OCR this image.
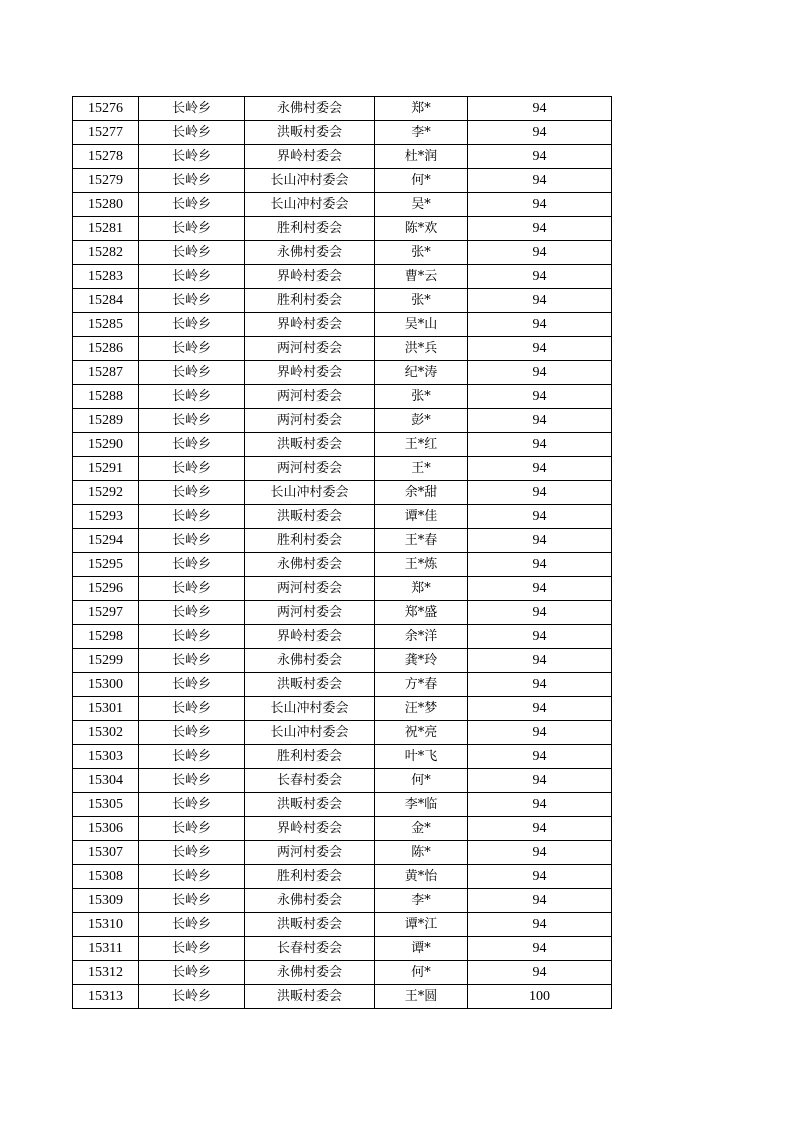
15276	长岭乡	永佛村委会	郑*	94
15277	长岭乡	洪畈村委会	李*	94
15278	长岭乡	界岭村委会	杜*润	94
15279	长岭乡	长山冲村委会	何*	94
15280	长岭乡	长山冲村委会	吴*	94
15281	长岭乡	胜利村委会	陈*欢	94
15282	长岭乡	永佛村委会	张*	94
15283	长岭乡	界岭村委会	曹*云	94
15284	长岭乡	胜利村委会	张*	94
15285	长岭乡	界岭村委会	吴*山	94
15286	长岭乡	两河村委会	洪*兵	94
15287	长岭乡	界岭村委会	纪*涛	94
15288	长岭乡	两河村委会	张*	94
15289	长岭乡	两河村委会	彭*	94
15290	长岭乡	洪畈村委会	王*红	94
15291	长岭乡	两河村委会	王*	94
15292	长岭乡	长山冲村委会	余*甜	94
15293	长岭乡	洪畈村委会	谭*佳	94
15294	长岭乡	胜利村委会	王*春	94
15295	长岭乡	永佛村委会	王*炼	94
15296	长岭乡	两河村委会	郑*	94
15297	长岭乡	两河村委会	郑*盛	94
15298	长岭乡	界岭村委会	余*洋	94
15299	长岭乡	永佛村委会	龚*玲	94
15300	长岭乡	洪畈村委会	方*春	94
15301	长岭乡	长山冲村委会	汪*梦	94
15302	长岭乡	长山冲村委会	祝*亮	94
15303	长岭乡	胜利村委会	叶*飞	94
15304	长岭乡	长春村委会	何*	94
15305	长岭乡	洪畈村委会	李*临	94
15306	长岭乡	界岭村委会	金*	94
15307	长岭乡	两河村委会	陈*	94
15308	长岭乡	胜利村委会	黄*怡	94
15309	长岭乡	永佛村委会	李*	94
15310	长岭乡	洪畈村委会	谭*江	94
15311	长岭乡	长春村委会	谭*	94
15312	长岭乡	永佛村委会	何*	94
15313	长岭乡	洪畈村委会	王*圆	100
